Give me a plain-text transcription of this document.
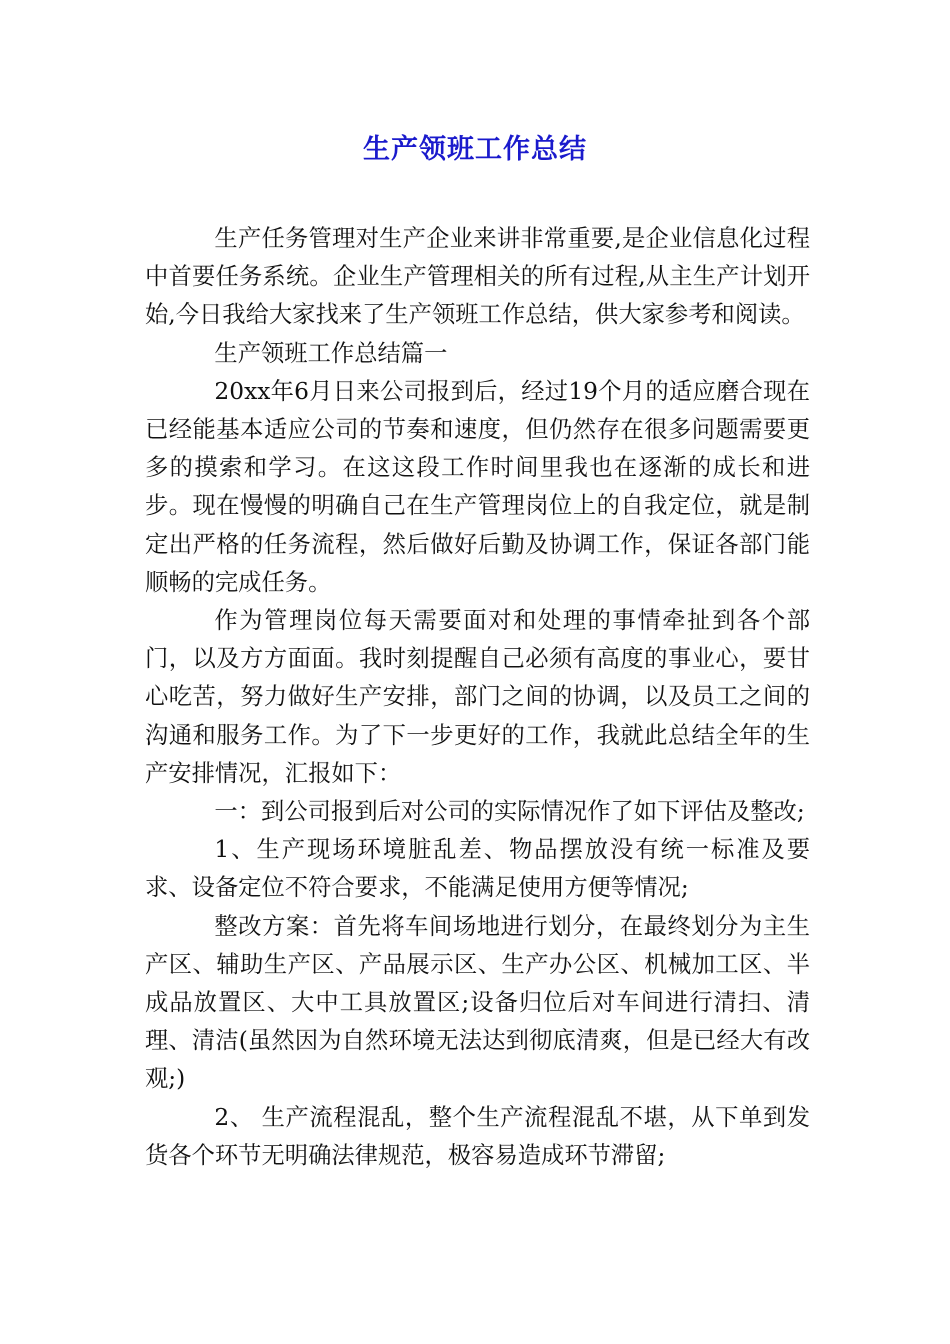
生产领班工作总结

生产任务管理对生产企业来讲非常重要,是企业信息化过程中首要任务系统。企业生产管理相关的所有过程,从主生产计划开始,今日我给大家找来了生产领班工作总结，供大家参考和阅读。

生产领班工作总结篇一

20xx年6月日来公司报到后，经过19个月的适应磨合现在已经能基本适应公司的节奏和速度，但仍然存在很多问题需要更多的摸索和学习。在这这段工作时间里我也在逐渐的成长和进步。现在慢慢的明确自己在生产管理岗位上的自我定位，就是制定出严格的任务流程，然后做好后勤及协调工作，保证各部门能顺畅的完成任务。

作为管理岗位每天需要面对和处理的事情牵扯到各个部门，以及方方面面。我时刻提醒自己必须有高度的事业心，要甘心吃苦，努力做好生产安排，部门之间的协调，以及员工之间的沟通和服务工作。为了下一步更好的工作，我就此总结全年的生产安排情况，汇报如下：

一：到公司报到后对公司的实际情况作了如下评估及整改;

1、生产现场环境脏乱差、物品摆放没有统一标准及要求、设备定位不符合要求，不能满足使用方便等情况;

整改方案：首先将车间场地进行划分，在最终划分为主生产区、辅助生产区、产品展示区、生产办公区、机械加工区、半成品放置区、大中工具放置区;设备归位后对车间进行清扫、清理、清洁(虽然因为自然环境无法达到彻底清爽，但是已经大有改观;)

2、 生产流程混乱，整个生产流程混乱不堪，从下单到发货各个环节无明确法律规范，极容易造成环节滞留;
